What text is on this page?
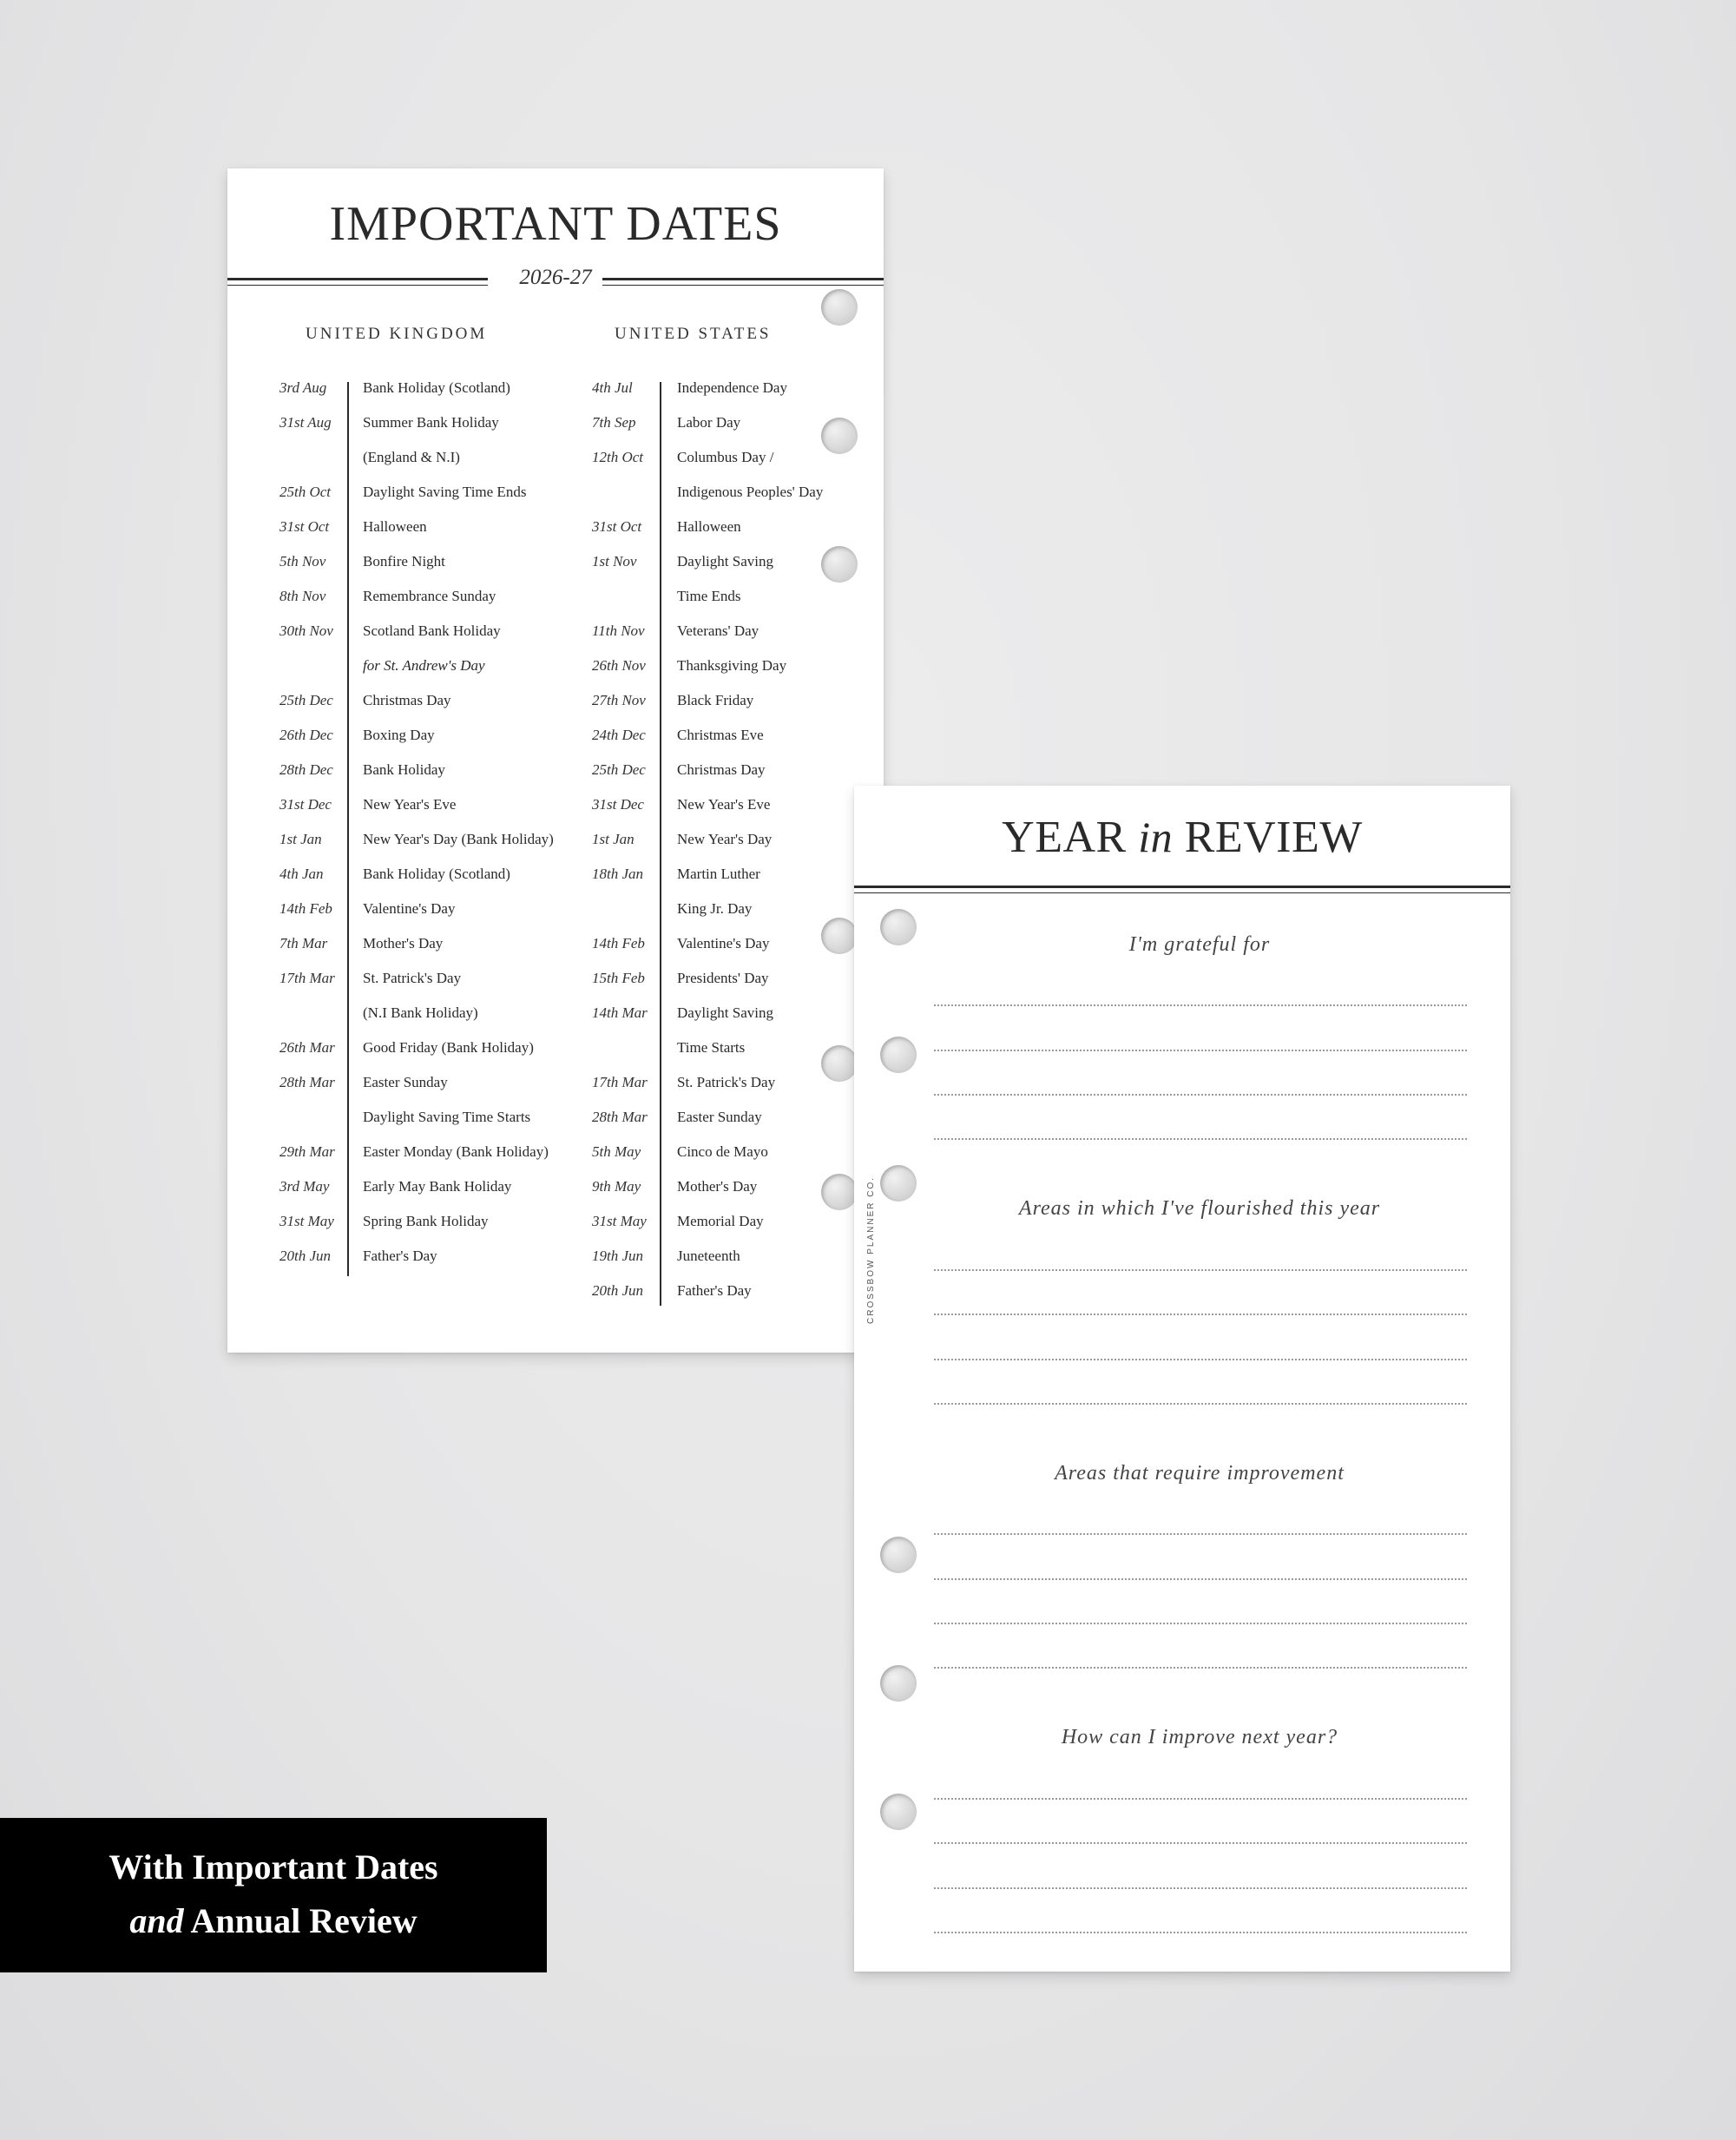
IMPORTANT DATES
2026-27
UNITED KINGDOM	UNITED STATES
3rd Aug	Bank Holiday (Scotland)
31st Aug	Summer Bank Holiday
(England & N.I)
25th Oct	Daylight Saving Time Ends
31st Oct	Halloween
5th Nov	Bonfire Night
8th Nov	Remembrance Sunday
30th Nov	Scotland Bank Holiday
for St. Andrew's Day
25th Dec	Christmas Day
26th Dec	Boxing Day
28th Dec	Bank Holiday
31st Dec	New Year's Eve
1st Jan	New Year's Day (Bank Holiday)
4th Jan	Bank Holiday (Scotland)
14th Feb	Valentine's Day
7th Mar	Mother's Day
17th Mar	St. Patrick's Day
(N.I Bank Holiday)
26th Mar	Good Friday (Bank Holiday)
28th Mar	Easter Sunday
Daylight Saving Time Starts
29th Mar	Easter Monday (Bank Holiday)
3rd May	Early May Bank Holiday
31st May	Spring Bank Holiday
20th Jun	Father's Day
4th Jul	Independence Day
7th Sep	Labor Day
12th Oct	Columbus Day /
Indigenous Peoples' Day
31st Oct	Halloween
1st Nov	Daylight Saving
Time Ends
11th Nov	Veterans' Day
26th Nov	Thanksgiving Day
27th Nov	Black Friday
24th Dec	Christmas Eve
25th Dec	Christmas Day
31st Dec	New Year's Eve
1st Jan	New Year's Day
18th Jan	Martin Luther
King Jr. Day
14th Feb	Valentine's Day
15th Feb	Presidents' Day
14th Mar	Daylight Saving
Time Starts
17th Mar	St. Patrick's Day
28th Mar	Easter Sunday
5th May	Cinco de Mayo
9th May	Mother's Day
31st May	Memorial Day
19th Jun	Juneteenth
20th Jun	Father's Day
YEAR in REVIEW
CROSSBOW PLANNER CO.
I'm grateful for
Areas in which I've flourished this year
Areas that require improvement
How can I improve next year?
With Important Dates
and Annual Review
